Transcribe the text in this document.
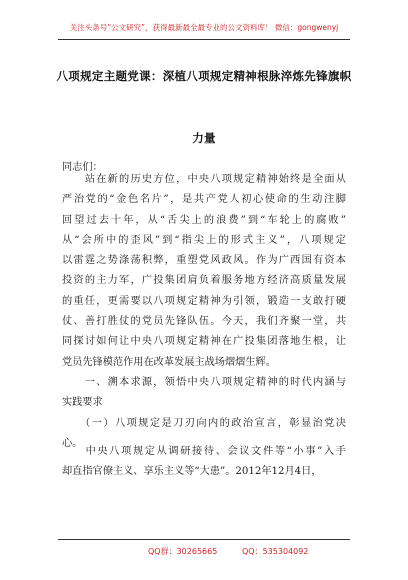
关注头条号“公文研究”，获得最新最全最专业的公文资料库！ 微信：gongwenyj
八项规定主题党课：深植八项规定精神根脉淬炼先锋旗帜
力量
同志们：
　　站在新的历史方位，中央八项规定精神始终是全面从
严治党的“金色名片”，是共产党人初心使命的生动注脚
回望过去十年，从“舌尖上的浪费”到“车轮上的腐败”
从“会所中的歪风”到“指尖上的形式主义”，八项规定
以雷霆之势涤荡积弊，重塑党风政风。作为广西国有资本
投资的主力军，广投集团肩负着服务地方经济高质量发展
的重任，更需要以八项规定精神为引领，锻造一支敢打硬
仗、善打胜仗的党员先锋队伍。今天，我们齐聚一堂，共
同探讨如何让中央八项规定精神在广投集团落地生根，让
党员先锋模范作用在改革发展主战场熠熠生辉。
　　一、溯本求源，领悟中央八项规定精神的时代内涵与
实践要求
　　（一）八项规定是刀刃向内的政治宣言，彰显治党决
心。
　　中央八项规定从调研接待、会议文件等“小事”入手
却直指官僚主义、享乐主义等“大患”。2012年12月4日，
QQ群：30265665	QQ：535304092
